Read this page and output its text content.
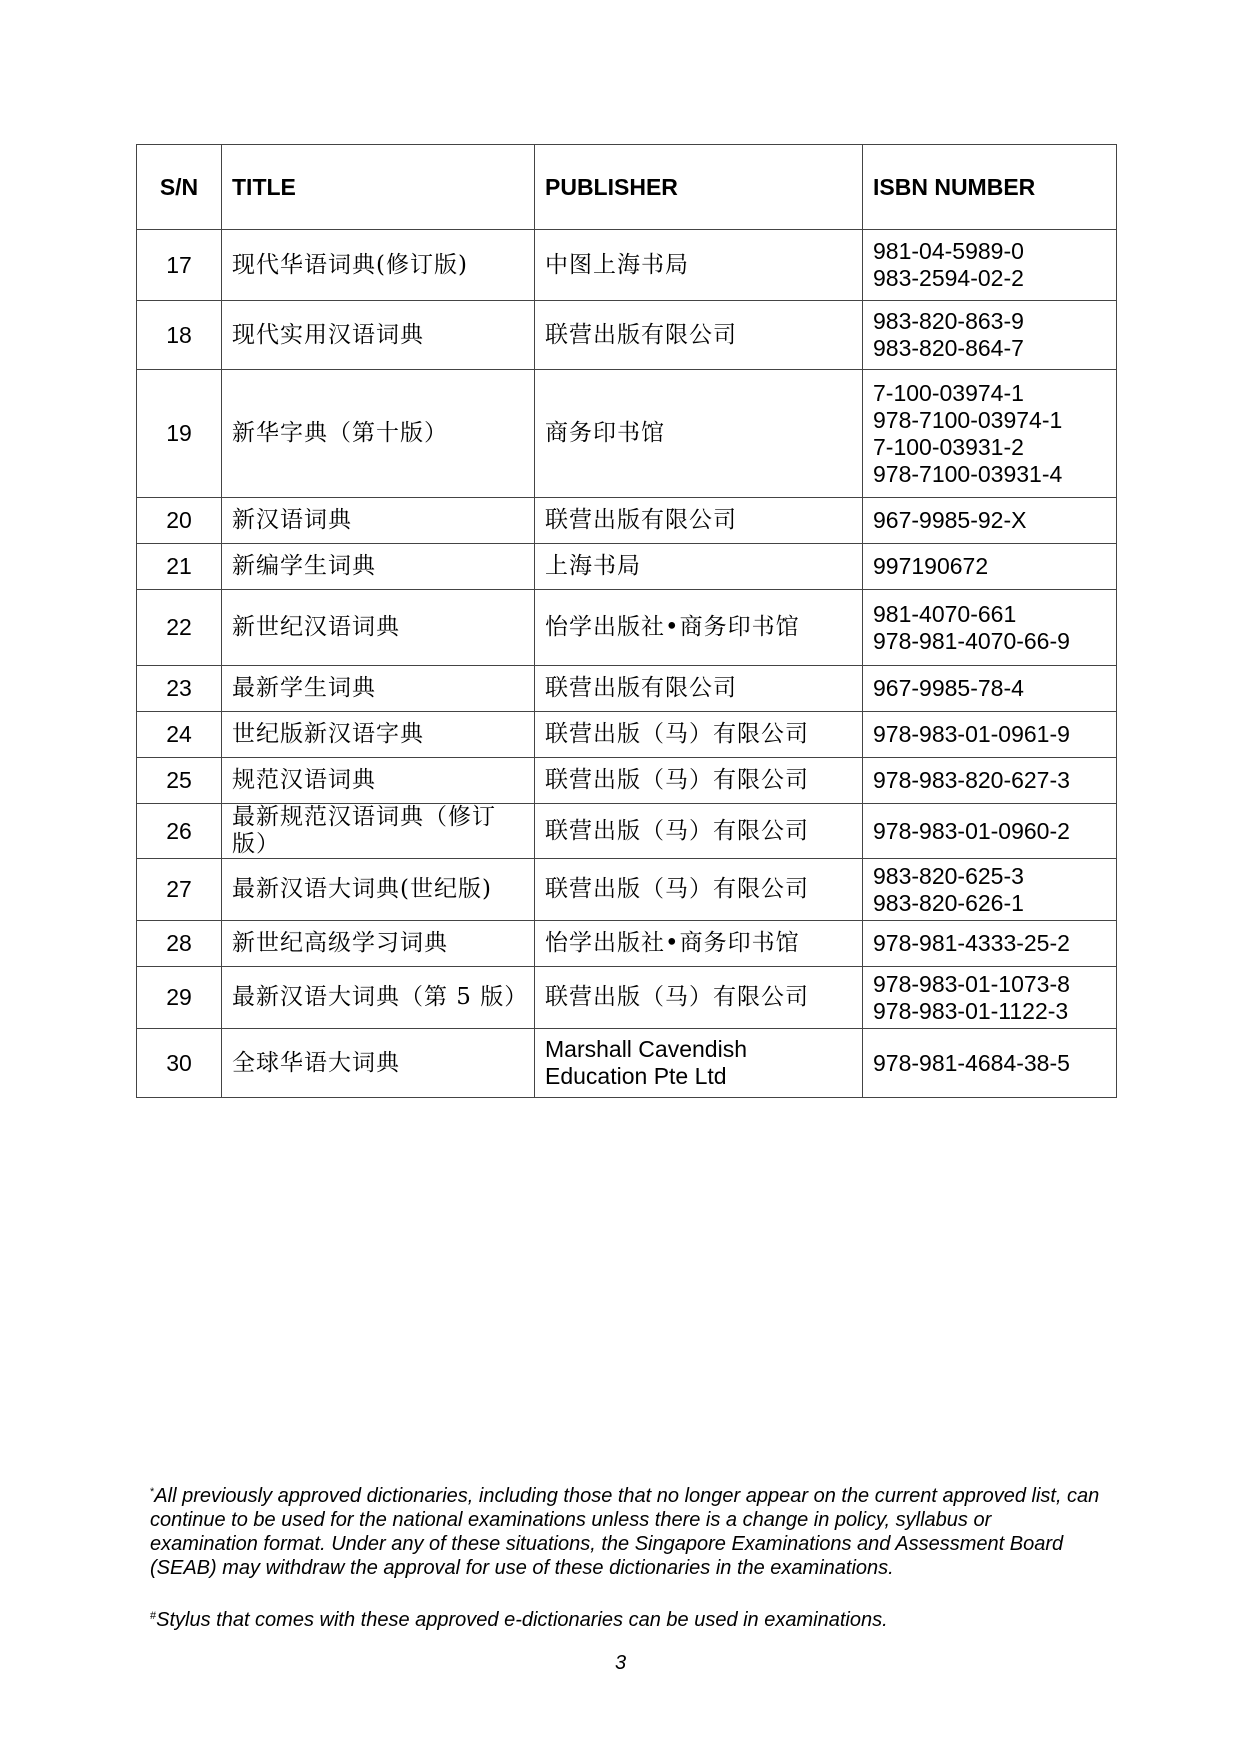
S/N	TITLE	PUBLISHER	ISBN NUMBER
17	现代华语词典(修订版)	中图上海书局	981-04-5989-0
983-2594-02-2

18	现代实用汉语词典	联营出版有限公司	983-820-863-9
983-820-864-7

19	新华字典（第十版）	商务印书馆	7-100-03974-1
978-7100-03974-1
7-100-03931-2
978-7100-03931-4

20	新汉语词典	联营出版有限公司	967-9985-92-X

21	新编学生词典	上海书局	997190672

22	新世纪汉语词典	怡学出版社•商务印书馆	981-4070-661
978-981-4070-66-9

23	最新学生词典	联营出版有限公司	967-9985-78-4

24	世纪版新汉语字典	联营出版（马）有限公司	978-983-01-0961-9

25	规范汉语词典	联营出版（马）有限公司	978-983-820-627-3

26	最新规范汉语词典（修订版）	联营出版（马）有限公司	978-983-01-0960-2

27	最新汉语大词典(世纪版)	联营出版（马）有限公司	983-820-625-3
983-820-626-1

28	新世纪高级学习词典	怡学出版社•商务印书馆	978-981-4333-25-2

29	最新汉语大词典（第 5 版）	联营出版（马）有限公司	978-983-01-1073-8
978-983-01-1122-3

30	全球华语大词典	Marshall Cavendish Education Pte Ltd	978-981-4684-38-5

*All previously approved dictionaries, including those that no longer appear on the current approved list, can continue to be used for the national examinations unless there is a change in policy, syllabus or examination format. Under any of these situations, the Singapore Examinations and Assessment Board (SEAB) may withdraw the approval for use of these dictionaries in the examinations.

#Stylus that comes with these approved e-dictionaries can be used in examinations.

3
